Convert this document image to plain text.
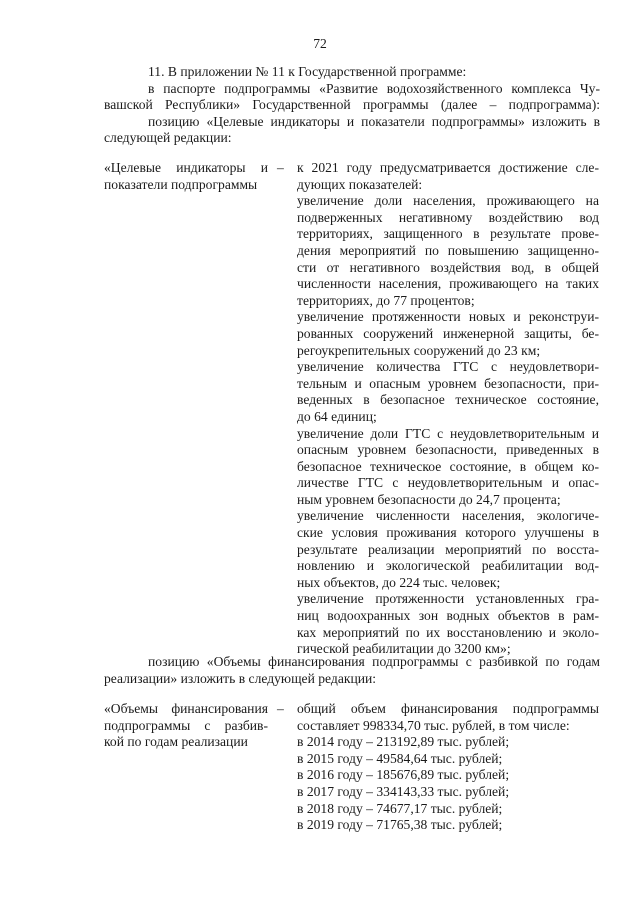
72
11. В приложении № 11 к Государственной программе:
в паспорте подпрограммы «Развитие водохозяйственного комплекса Чу-
вашской Республики» Государственной программы (далее – подпрограмма):
позицию «Целевые индикаторы и показатели подпрограммы» изложить в
следующей редакции:
«Целевые индикаторы и
показатели подпрограммы
– к 2021 году предусматривается достижение сле-
дующих показателей:
увеличение доли населения, проживающего на
подверженных негативному воздействию вод
территориях, защищенного в результате прове-
дения мероприятий по повышению защищенно-
сти от негативного воздействия вод, в общей
численности населения, проживающего на таких
территориях, до 77 процентов;
увеличение протяженности новых и реконструи-
рованных сооружений инженерной защиты, бе-
регоукрепительных сооружений до 23 км;
увеличение количества ГТС с неудовлетвори-
тельным и опасным уровнем безопасности, при-
веденных в безопасное техническое состояние,
до 64 единиц;
увеличение доли ГТС с неудовлетворительным и
опасным уровнем безопасности, приведенных в
безопасное техническое состояние, в общем ко-
личестве ГТС с неудовлетворительным и опас-
ным уровнем безопасности до 24,7 процента;
увеличение численности населения, экологиче-
ские условия проживания которого улучшены в
результате реализации мероприятий по восста-
новлению и экологической реабилитации вод-
ных объектов, до 224 тыс. человек;
увеличение протяженности установленных гра-
ниц водоохранных зон водных объектов в рам-
ках мероприятий по их восстановлению и эколо-
гической реабилитации до 3200 км»;
позицию «Объемы финансирования подпрограммы с разбивкой по годам
реализации» изложить в следующей редакции:
«Объемы финансирования
подпрограммы с разбив-
кой по годам реализации
– общий объем финансирования подпрограммы
составляет 998334,70 тыс. рублей, в том числе:
в 2014 году – 213192,89 тыс. рублей;
в 2015 году – 49584,64 тыс. рублей;
в 2016 году – 185676,89 тыс. рублей;
в 2017 году – 334143,33 тыс. рублей;
в 2018 году – 74677,17 тыс. рублей;
в 2019 году – 71765,38 тыс. рублей;
